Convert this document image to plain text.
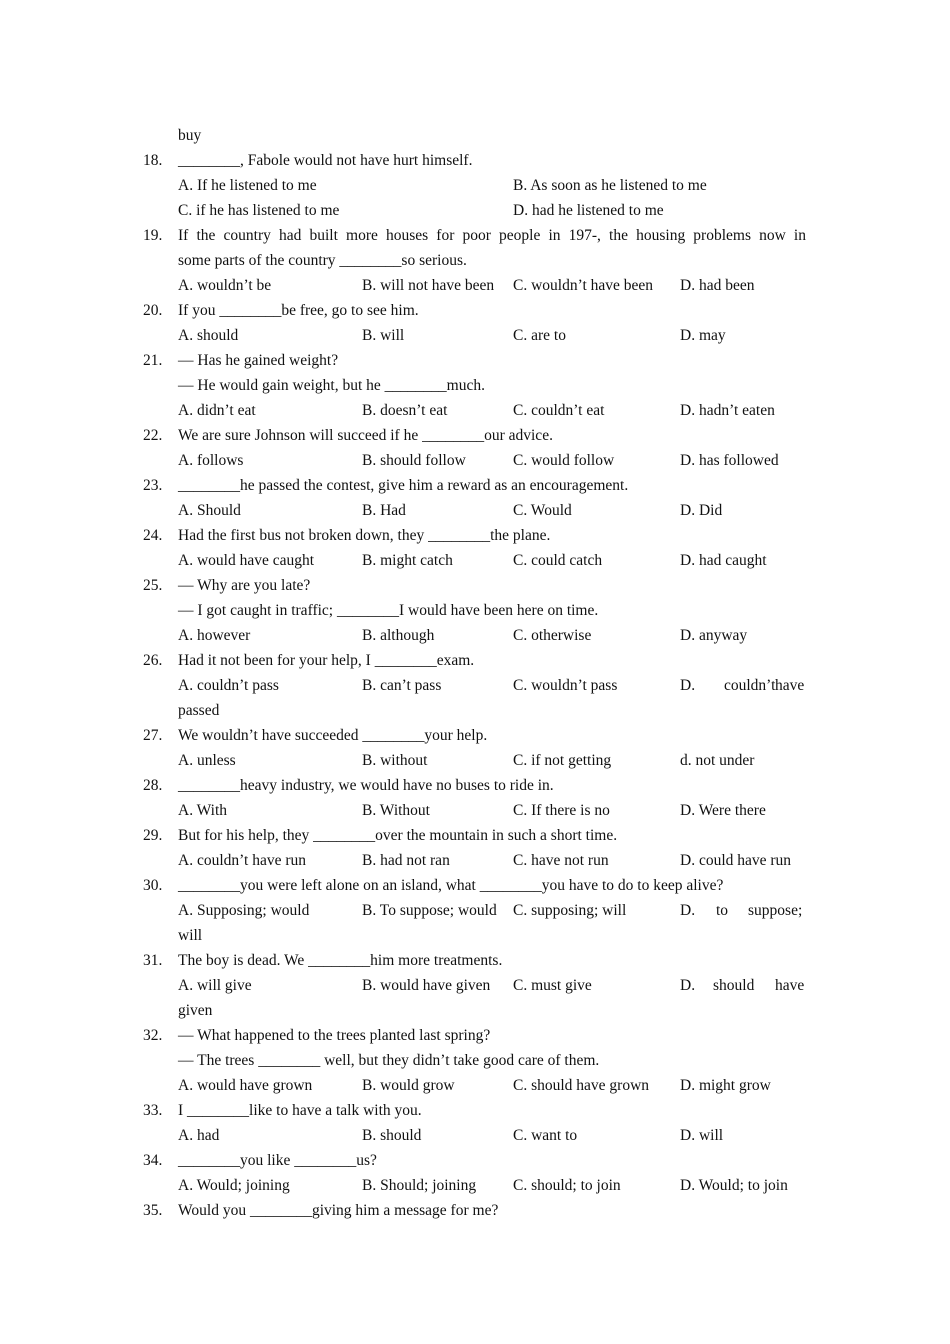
buy
18.	________, Fabole would not have hurt himself.
A. If he listened to me	B. As soon as he listened to me
C. if he has listened to me	D. had he listened to me
19.	If the country had built more houses for poor people in 197-, the housing problems now in
some parts of the country ________so serious.
A. wouldn’t be	B. will not have been C. wouldn’t have been D. had been
20.	If you ________be free, go to see him.
A. should	B. will	C. are to	D. may
21.	— Has he gained weight?
— He would gain weight, but he ________much.
A. didn’t eat	B. doesn’t eat	C. couldn’t eat	D. hadn’t eaten
22.	We are sure Johnson will succeed if he ________our advice.
A. follows	B. should follow	C. would follow	D. has followed
23.	________he passed the contest, give him a reward as an encouragement.
A. Should	B. Had	C. Would	D. Did
24.	Had the first bus not broken down, they ________the plane.
A. would have caught	B. might catch	C. could catch	D. had caught
25.	— Why are you late?
— I got caught in traffic; ________I would have been here on time.
A. however	B. although	C. otherwise	D. anyway
26.	Had it not been for your help, I ________exam.
A. couldn’t pass	B. can’t pass	C. wouldn’t pass	D. couldn’t have
passed
27.	We wouldn’t have succeeded ________your help.
A. unless	B. without	C. if not getting	d. not under
28.	________heavy industry, we would have no buses to ride in.
A. With	B. Without	C. If there is no	D. Were there
29.	But for his help, they ________over the mountain in such a short time.
A. couldn’t have run	B. had not ran	C. have not run	D. could have run
30.	________you were left alone on an island, what ________you have to do to keep alive?
A. Supposing; would	B. To suppose; would C. supposing; will	D. to suppose;
will
31.	The boy is dead. We ________him more treatments.
A. will give	B. would have given C. must give	D. should have
given
32.	— What happened to the trees planted last spring?
— The trees ________ well, but they didn’t take good care of them.
A. would have grown	B. would grow	C. should have grown D. might grow
33.	I ________like to have a talk with you.
A. had	B. should	C. want to	D. will
34.	________you like ________us?
A. Would; joining	B. Should; joining C. should; to join	D. Would; to join
35.	Would you ________giving him a message for me?
